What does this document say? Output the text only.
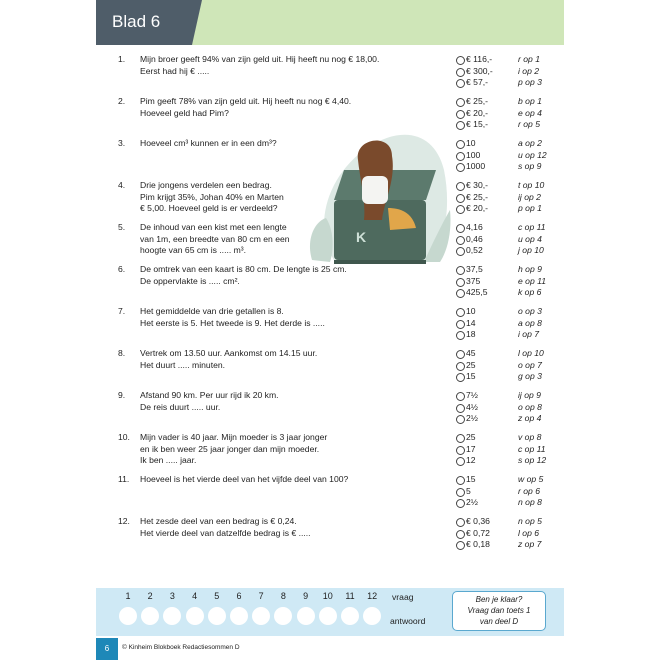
Blad 6
1.	Mijn broer geeft 94% van zijn geld uit. Hij heeft nu nog € 18,00.
Eerst had hij € .....
€ 116,-	r op 1
€ 300,-	i op 2
€ 57,-	p op 3
2.	Pim geeft 78% van zijn geld uit. Hij heeft nu nog € 4,40.
Hoeveel geld had Pim?
€ 25,-	b op 1
€ 20,-	e op 4
€ 15,-	r op 5
3.	Hoeveel cm³ kunnen er in een dm³?	10	a op 2
100	u op 12
1000	s op 9
4.	Drie jongens verdelen een bedrag.
Pim krijgt 35%, Johan 40% en Marten
€ 5,00. Hoeveel geld is er verdeeld?
€ 30,-	t op 10
€ 25,-	ij op 2
€ 20,-	p op 1
5.	De inhoud van een kist met een lengte
van 1m, een breedte van 80 cm en een
hoogte van 65 cm is ..... m³.
4,16	c op 11
0,46	u op 4
0,52	j op 10
6.	De omtrek van een kaart is 80 cm. De lengte is 25 cm.
De oppervlakte is ..... cm².
37,5	h op 9
375	e op 11
425,5	k op 6
7.	Het gemiddelde van drie getallen is 8.
Het eerste is 5. Het tweede is 9. Het derde is .....
10	o op 3
14	a op 8
18	i op 7
8.	Vertrek om 13.50 uur. Aankomst om 14.15 uur.
Het duurt ..... minuten.
45	l op 10
25	o op 7
15	g op 3
9.	Afstand 90 km. Per uur rijd ik 20 km.
De reis duurt ..... uur.
7½	ij op 9
4½	o op 8
2½	z op 4
10.	Mijn vader is 40 jaar. Mijn moeder is 3 jaar jonger
en ik ben weer 25 jaar jonger dan mijn moeder.
Ik ben ..... jaar.
25	v op 8
17	c op 11
12	s op 12
11.	Hoeveel is het vierde deel van het vijfde deel van 100?	15	w op 5
5	r op 6
2½	n op 8
12.	Het zesde deel van een bedrag is € 0,24.
Het vierde deel van datzelfde bedrag is € .....
€ 0,36	n op 5
€ 0,72	l op 6
€ 0,18	z op 7
K
1	2	3	4	5	6	7	8	9	10	11	12	vraag
antwoord
Ben je klaar?
Vraag dan toets 1
van deel D
6	© Kinheim Blokboek Redactiesommen D
